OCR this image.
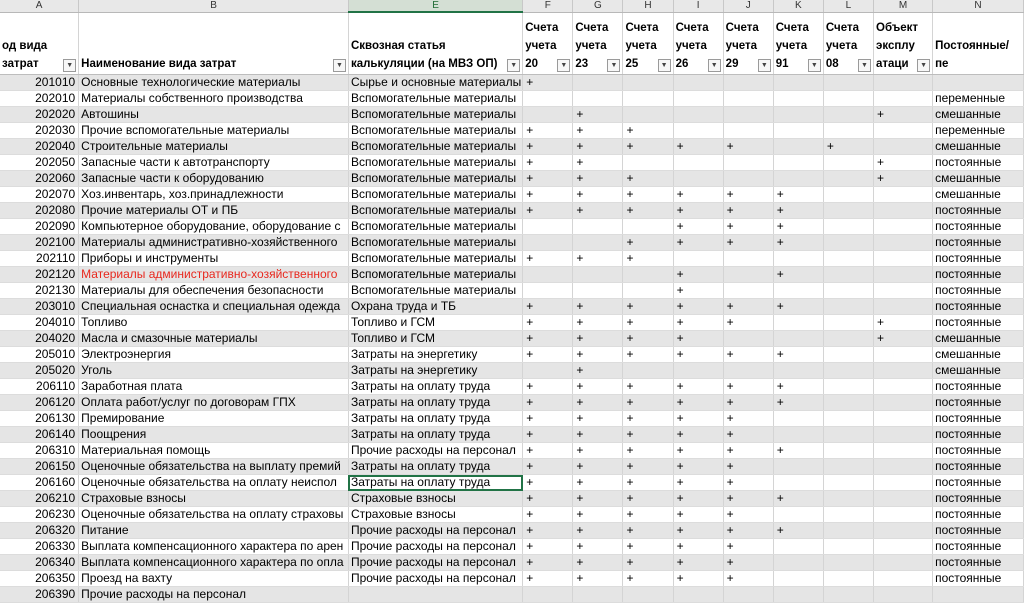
A	B	E	F	G	H	I	J	K	L	M	N

од вида затрат ▼	Наименование вида затрат ▼	Сквозная статья калькуляции (на МВЗ ОП) ▼	Счета учета 20 ▼	Счета учета 23 ▼	Счета учета 25 ▼	Счета учета 26 ▼	Счета учета 29 ▼	Счета учета 91 ▼	Счета учета 08 ▼	Объект эксплу атаци ▼	Постоянные/пе

201010	Основные технологические материалы	Сырье и основные материалы	+								
202010	Материалы собственного производства	Вспомогательные материалы									переменные
202020	Автошины	Вспомогательные материалы		+						+	смешанные
202030	Прочие вспомогательные материалы	Вспомогательные материалы	+	+	+						переменные
202040	Строительные материалы	Вспомогательные материалы	+	+	+	+	+		+		смешанные
202050	Запасные части к автотранспорту	Вспомогательные материалы	+	+						+	постоянные
202060	Запасные части к оборудованию	Вспомогательные материалы	+	+	+					+	смешанные
202070	Хоз.инвентарь, хоз.принадлежности	Вспомогательные материалы	+	+	+	+	+	+			смешанные
202080	Прочие материалы ОТ и ПБ	Вспомогательные материалы	+	+	+	+	+	+			постоянные
202090	Компьютерное оборудование, оборудование с	Вспомогательные материалы				+	+	+			постоянные
202100	Материалы административно-хозяйственного	Вспомогательные материалы			+	+	+	+			постоянные
202110	Приборы и инструменты	Вспомогательные материалы	+	+	+						постоянные
202120	Материалы административно-хозяйственного	Вспомогательные материалы				+		+			постоянные
202130	Материалы для обеспечения безопасности	Вспомогательные материалы				+					постоянные
203010	Специальная оснастка и специальная одежда	Охрана труда и ТБ	+	+	+	+	+	+			постоянные
204010	Топливо	Топливо и ГСМ	+	+	+	+	+			+	постоянные
204020	Масла и смазочные материалы	Топливо и ГСМ	+	+	+	+				+	смешанные
205010	Электроэнергия	Затраты на энергетику	+	+	+	+	+	+			смешанные
205020	Уголь	Затраты на энергетику		+							смешанные
206110	Заработная плата	Затраты на оплату труда	+	+	+	+	+	+			постоянные
206120	Оплата работ/услуг по договорам ГПХ	Затраты на оплату труда	+	+	+	+	+	+			постоянные
206130	Премирование	Затраты на оплату труда	+	+	+	+	+				постоянные
206140	Поощрения	Затраты на оплату труда	+	+	+	+	+				постоянные
206310	Материальная помощь	Прочие расходы на персонал	+	+	+	+	+	+			постоянные
206150	Оценочные обязательства на выплату премий	Затраты на оплату труда	+	+	+	+	+				постоянные
206160	Оценочные обязательства на оплату неиспол	Затраты на оплату труда	+	+	+	+	+				постоянные
206210	Страховые взносы	Страховые взносы	+	+	+	+	+	+			постоянные
206230	Оценочные обязательства на оплату страховы	Страховые взносы	+	+	+	+	+				постоянные
206320	Питание	Прочие расходы на персонал	+	+	+	+	+	+			постоянные
206330	Выплата компенсационного характера по арен	Прочие расходы на персонал	+	+	+	+	+				постоянные
206340	Выплата компенсационного характера по опла	Прочие расходы на персонал	+	+	+	+	+				постоянные
206350	Проезд на вахту	Прочие расходы на персонал	+	+	+	+	+				постоянные
206390	Прочие расходы на персонал										
